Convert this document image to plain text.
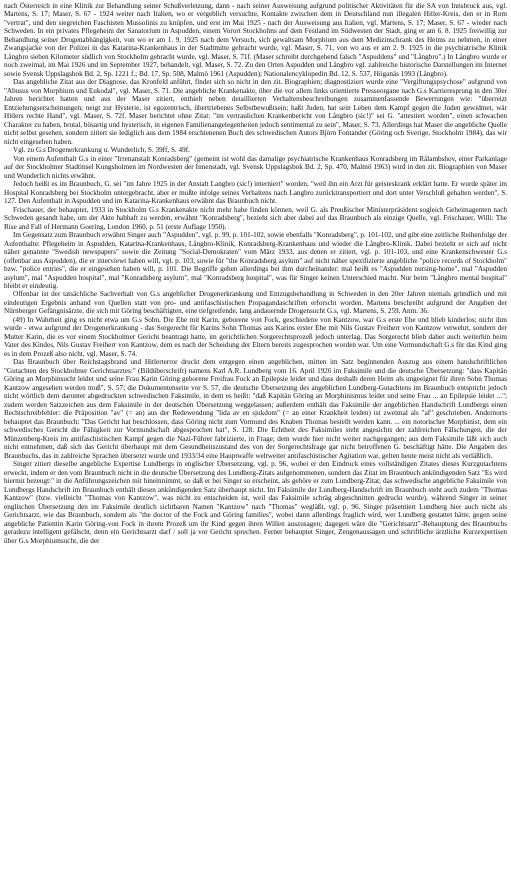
nach Österreich in eine Klinik zur Behandlung seiner Schußverletzung, dann - nach seiner Ausweisung aufgrund politischer Aktivitäten für die SA von Innsbruck aus, vgl. Martens, S. 17; Maser, S. 67 - 1924 weiter nach Italien, wo er vergeblich versuchte, Kontakte zwischen dem in Deutschland nun illegalen Hitler-Kreis, den er in Rom "vertrat", und den siegreichen Faschisten Mussolinis zu knüpfen, und erst im Mai 1925 - nach der Ausweisung aus Italien, vgl. Martens, S. 17; Maser, S. 67 - wieder nach Schweden. In ein privates Pflegeheim der Sanatorium in Aspudden, einem Vorort Stockholms auf dem Festland im Südwesten der Stadt, ging er am 6. 8. 1925 freiwillig zur Behandlung seiner Drogenabhängigkeit, von wo er am 1. 9. 1925 nach dem Versuch, sich gewaltsam Morphium aus dem Medizinschrank des Heims zu nehmen, in einer Zwangsjacke von der Polizei in das Katarina-Krankenhaus in der Stadtmitte gebracht wurde, vgl. Maser, S. 71, von wo aus er am 2. 9. 1925 in die psychiatrische Klinik Långbro sieben Kilometer südlich von Stockholm gebracht wurde, vgl. Maser, S. 71f. (Maser schreibt durchgehend falsch "Aspuddens" und "Långbro".) In Långbro wurde er noch zweimal, im Mai 1926 und im September 1927, behandelt, vgl. Maser, S. 72. Zu den Orten Aspudden und Långbro vgl. zahlreiche historische Darstellungen im Internet sowie Svensk Uppslagsbok Bd. 2, Sp. 1221 f.; Bd. 17, Sp. 508, Malmö 1961 (Aspudden); Nationalencyklopedin Bd. 12, S. 537, Höganäs 1993 (Långbro).

Das angebliche Zitat aus der Diagnose, das Kronfeld anführt, findet sich so nicht in den zit. Biographien; diagnostiziert wurde eine "Vergiftungspsychose" aufgrund von "Abusus von Morphium und Eukodal", vgl. Maser, S. 71. Die angebliche Krankenakte, über die vor allem links orientierte Presseorgane nach G.s Karrieresprung in den 30er Jahren berichtet hatten und aus der Maser zitiert, enthielt neben detaillierten Verhaltensbeschreibungen zusammenfassende Bewertungen wie: "überreizt Entziehungserscheinungen; neigt zur Hysterie, ist egozentrisch, übertriebenes Selbstbewußtsein; haßt Juden, hat sein Leben dem Kampf gegen die Juden gewidmet, wär Hitlers rechte Hand", vgl. Maser, S. 72f. Maser berichtet ohne Zitat: "im vertraulichen Krankenbericht von Långbro (sic!)" sei G. "attestiert worden", einen schwachen Charakter zu haben, brutal, bösartig und hysterisch, in eigenen Familienangelegenheiten jedoch sentimental zu sein", Maser, S. 73. Allerdings hat Maser die angebliche Quelle nicht selbst gesehen, sondern zitiert sie lediglich aus dem 1984 erschienenen Buch des schwedischen Autors Björn Fontander (Göring och Sverige, Stockholm 1984), das wir nicht eingesehen haben.

Vgl. zu G.s Drogenerkrankung u. Wunderlich, S. 39ff, S. 49f.

Von einem Aufenthalt G.s in einer "Irrenanstalt Konradsberg" (gemeint ist wohl das damalige psychiatrische Krankenhaus Konradsberg im Rålambshov, einer Parkanlage auf der Stockholmer Stadtinsel Kungsholmen im Nordwesten der Innenstadt, vgl. Svensk Uppslagsbok Bd. 2, Sp. 470, Malmö 1963) wird in den zit. Biographien von Maser und Wunderlich nichts erwähnt.

Jedoch heißt es im Braunbuch, G. sei "im Jahre 1925 in der Anstalt Langbro (sic!) interniert" worden, "weil ihn ein Arzt für geisteskrank erklärt hatte. Er wurde später im Hospital Konradsberg bei Stockholm untergebracht, aber er mußte infolge seines Verhaltens nach Langbro zurücktransportiert und dort unter Verschluß gehalten werden", S. 127. Den Aufenthalt in Aspudden und im Katarina-Krankenhaus erwähnt das Braunbuch nicht.

Frischauer, der behauptet, 1933 in Stockholm G.s Krankenakte nicht mehr habe finden können, weil G. als Preußischer Ministerpräsident sogleich Geheimagenten nach Schweden gesandt habe, um der Akte habhaft zu werden, erwähnt "Konradsberg", bezieht sich aber dabei auf das Braunbuch als einzige Quelle, vgl. Frischauer, Willi: The Rise and Fall of Hermann Goering, London 1960, p. 51 (erste Auflage 1950).

Im Gegensatz zum Braunbuch erwähnt Singer auch "Aspudden", vgl. p. 99, p. 101-102, sowie ebenfalls "Konradsberg", p. 101-102, und gibt eine zeitliche Reihenfolge der Aufenthalte: Pflegeheim in Aspudden, Katarina-Krankenhaus, Långbro-Klinik, Konradsberg-Krankenhaus und wieder die Långbro-Klinik. Dabei bezieht er sich auf nicht näher genannte "Swedish newspapers" sowie die Zeitung "Social-Demokraten" vom März 1933, aus denen er zitiert, vgl. p. 101-103, und eine Krankenschwester G.s (offenbar aus Aspudden), die er interviewt haben will, vgl. p. 103, sowie für "the Konradsberg asylum" auf nicht näher spezifizierte angebliche "police records of Stockholm" bzw. "police entries", die er eingesehen haben will, p. 101. Die Begriffe gehen allerdings bei ihm durcheinander: mal heißt es "Aspudden nursing-home", mal "Aspudden asylum", mal "Aspudden hospital", mal "Konradsberg asylum", mal "Konradsberg hospital", was für Singer keinen Unterschied macht. Nur beim "Långbro mental hospital" bleibt er eindeutig.

Offenbar ist der tatsächliche Sachverhalt von G.s angeblicher Drogenerkrankung und Entzugsbehandlung in Schweden in den 20er Jahren niemals gründlich und mit eindeutigen Ergebnis anhand von Quellen statt von pro- und antifaschistischen Propagandaschriften erforscht worden. Martens beschreibt aufgrund der Angaben der Nürnberger Gefängnisärzte, die sich mit Göring beschäftigten, eine tiefgreifende, lang andauernde Drogensucht G.s, vgl. Martens, S. 259, Anm. 36.

(49) In Wahrheit ging es nicht etwa um G.s Sohn. Die Ehe mit Karin, geborene von Fock, geschiedene von Kantzow, war G.s erste Ehe und blieb kinderlos; nicht ihm wurde - etwa aufgrund der Drogenerkrankung - das Sorgerecht für Karins Sohn Thomas aus Karins erster Ehe mit Nils Gustav Freiherr von Kantzow verwehrt, sondern der Mutter Karin, die es vor einem Stockholmer Gericht beantragt hatte, im gerichtlichen Sorgerechtsprozeß jedoch unterlag. Das Sorgerecht blieb daher auch weiterhin beim Vater des Kindes, Nils Gustav Freiherr von Kantzow, dem es nach der Scheidung der Eltern bereits zugesprochen worden war. Um eine Vormundschaft G.s für das Kind ging es in dem Prozeß also nicht, vgl. Maser, S. 74.

Das Braunbuch über Reichstagsbrand und Hitlerterror druckt dem entgegen einen angeblichen, mitten im Satz beginnenden Auszug aus einem handschriftlichen "Gutachten des Stockholmer Gerichtsarztes:" (Bildüberschrift) namens Karl A.R. Lundberg vom 16. April 1926 im Faksimile und die deutsche Übersetzung: "dass Kapitän Göring an Morphinsucht leidet und seine Frau Karin Göring geborene Freifrau Fock an Epilepsie leidet und dass deshalb deren Heim als ungeeignet für ihren Sohn Thomas Kantzow angesehen werden muß", S. 57; die Dokumentenseite vor S. 57, die deutsche Übersetzung des angeblichen Lundberg-Gutachtens im Braunbuch entspricht jedoch nicht wörtlich dem darunter abgedruckten schwedischen Faksimile, in dem es heißt: "daß Kapitän Göring an Morphinismus leidet und seine Frau ... an Epilepsie leidet ..."; zudem werden Satzzeichen aus dem Faksimile in der deutschen Übersetzung weggelassen; außerdem enthält das Faksimile der angeblichen Handschrift Lundbergs einen Rechtschreibfehler: die Präposition "av" (= an) aus der Redewendung "lida av en sjukdom" (= an einer Krankheit leiden) ist zweimal als "af" geschrieben. Andernorts behauptet das Braunbuch: "Das Gericht hat beschlossen, dass Göring nicht zum Vormund des Knaben Thomas bestellt werden kann. ... ein notorischer Morphinist, dem ein schwedisches Gericht die Fähigkeit zur Vormundschaft abgesprochen hat", S. 128. Die Echtheit des Faksimiles steht angesichts der zahlreichen Fälschungen, die der Münzenberg-Kreis im antifaschistischen Kampf gegen die Nazi-Führer fabrizierte, in Frage; dem wurde hier nicht weiter nachgegangen; aus dem Faksimile läßt sich auch nicht entnehmen, daß sich das Gericht überhaupt mit dem Gesundheitszustand des von der Sorgerechtsfrage gar nicht betroffenen G. beschäftigt hätte. Die Angaben des Braunbuchs, das in zahlreiche Sprachen übersetzt wurde und 1933/34 eine Hauptwaffe weltweiter antifaschistischer Agitation war, gelten heute meist nicht als verläßlich.

Singer zitiert dieselbe angebliche Expertise Lundbergs in englischer Übersetzung, vgl. p. 96, wobei er den Eindruck eines vollständigen Zitates dieses Kurzgutachtens erweckt, indem er den vom Braunbuch nicht in die deutsche Übersetzung des Lundberg-Zitats aufgenommenen, sondern das Zitat im Braunbuch ankündigenden Satz "Es wird hiermit bezeugt:" in die Anführungszeichen mit hineinnimmt, so daß er bei Singer so erscheint, als gehöre er zum Lundberg-Zitat; das schwedische angebliche Faksimile von Lundbergs Handschrift im Braunbuch enthält diesen ankündigenden Satz überhaupt nicht. Im Faksimile der Lundberg-Handschrift im Braunbuch steht auch zudem "Thomas Kantzow" (bzw. vielleicht "Thomas von Kantzow", was nicht zu entscheiden ist, weil das Faksimile schräg abgeschnitten gedruckt wurde), während Singer in seiner englischen Übersetzung den im Faksimile deutlich sichtbaren Namen "Kantzow" nach "Thomas" wegläßt, vgl. p. 96. Singer präsentiert Lundberg hier auch nicht als Gerichtsarzt, wie das Braunbuch, sondern als "the doctor of the Fock and Göring families", wobei dann allerdings fraglich wird, wer Lundberg gestattet hätte, gegen seine angebliche Patientin Karin Göring-von Fock in ihrem Prozeß um ihr Kind gegen ihren Willen auszusagen; dagegen wäre die "Gerichtsarzt"-Behauptung des Braunbuchs geradezu intelligent gefälscht, denn ein Gerichtsarzt darf / soll ja vor Gericht sprechen. Ferner behauptet Singer, Zeugenaussagen und schriftliche ärztliche Kurzexpertisen über G.s Morphiumsucht, die der
